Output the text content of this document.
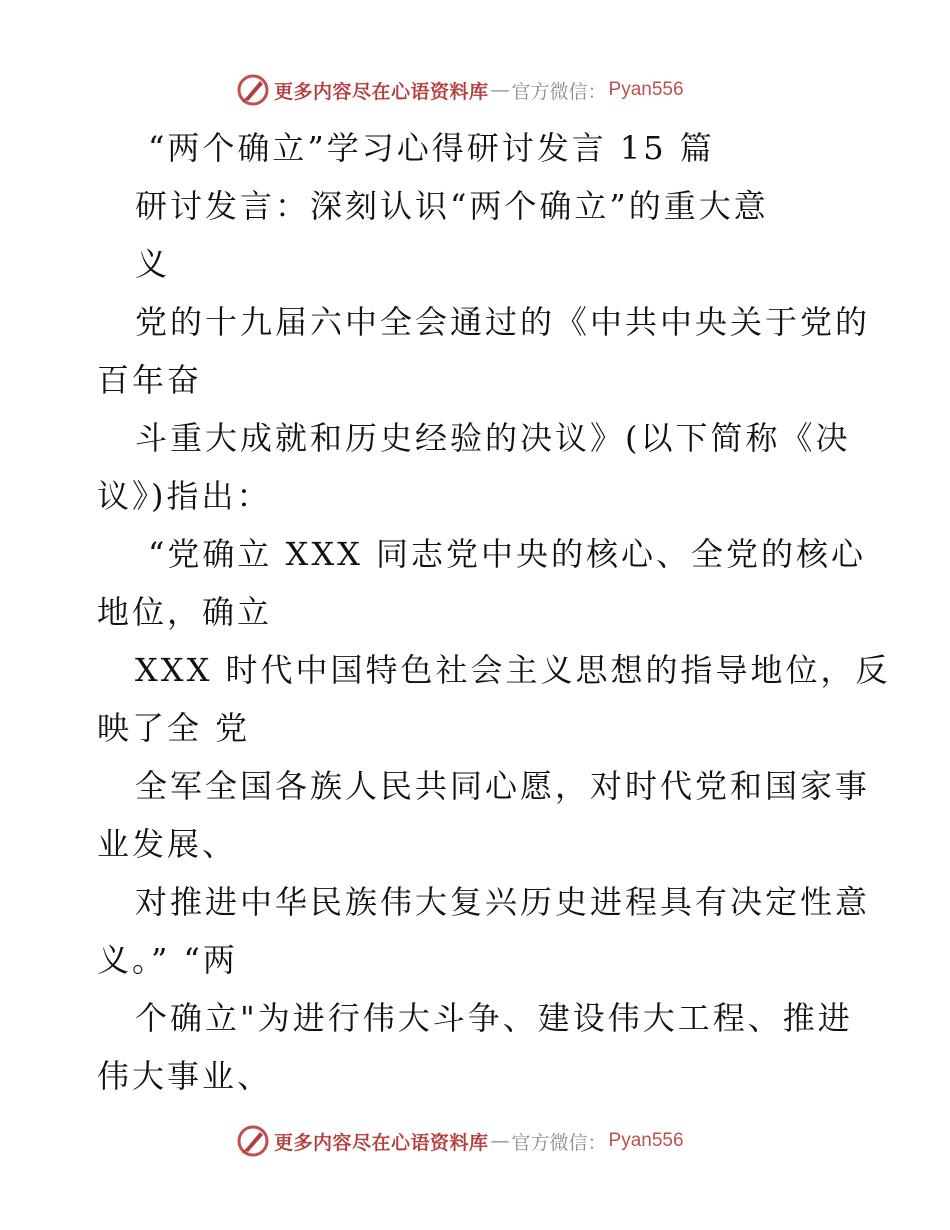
更多内容尽在心语资料库 — 官方微信： Pyan556
“两个确立”学习心得研讨发言 15 篇
研讨发言：深刻认识“两个确立”的重大意
义
党的十九届六中全会通过的《中共中央关于党的
百年奋
斗重大成就和历史经验的决议》(以下简称《决
议》)指出：
“党确立 XXX 同志党中央的核心、全党的核心
地位，确立
XXX 时代中国特色社会主义思想的指导地位，反
映了全 党
全军全国各族人民共同心愿，对时代党和国家事
业发展、
对推进中华民族伟大复兴历史进程具有决定性意
义。” “两
个确立"为进行伟大斗争、建设伟大工程、推进
伟大事业、
更多内容尽在心语资料库 — 官方微信： Pyan556
